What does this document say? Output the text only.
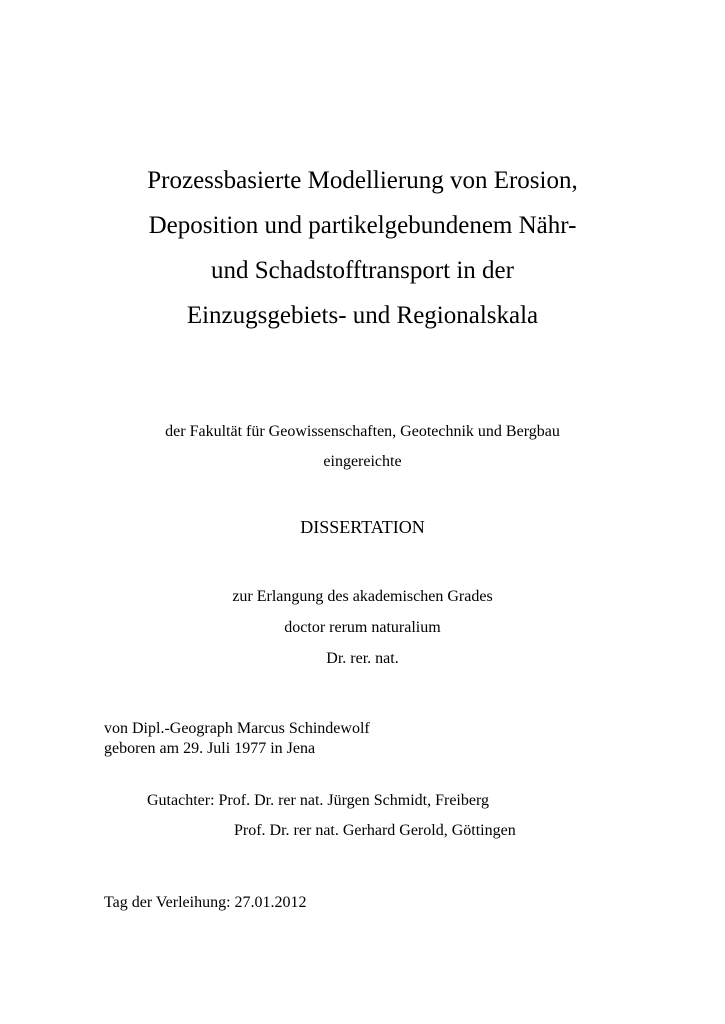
Prozessbasierte Modellierung von Erosion,
Deposition und partikelgebundenem Nähr-
und Schadstofftransport in der
Einzugsgebiets- und Regionalskala
der Fakultät für Geowissenschaften, Geotechnik und Bergbau
eingereichte
DISSERTATION
zur Erlangung des akademischen Grades
doctor rerum naturalium
Dr. rer. nat.
von Dipl.-Geograph Marcus Schindewolf
geboren am 29. Juli 1977 in Jena
Gutachter: Prof. Dr. rer nat. Jürgen Schmidt, Freiberg
Prof. Dr. rer nat. Gerhard Gerold, Göttingen
Tag der Verleihung: 27.01.2012
